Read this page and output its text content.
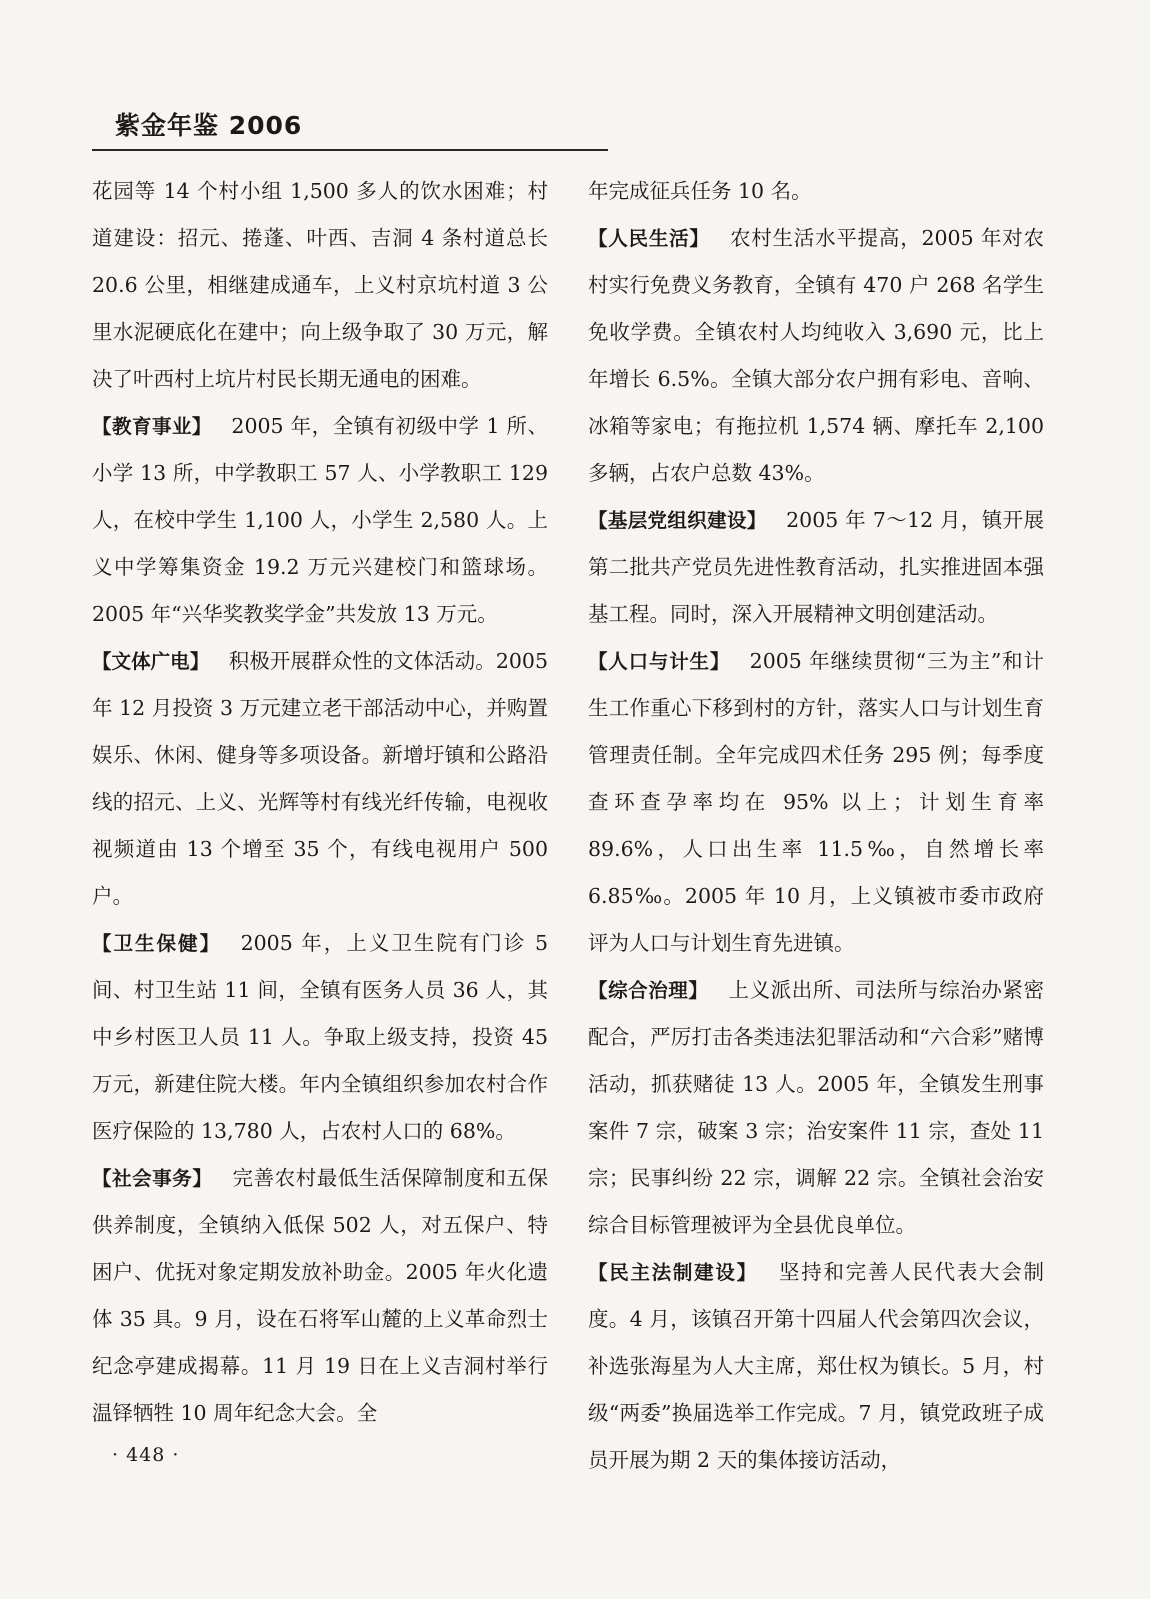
紫金年鉴 2006

花园等 14 个村小组 1,500 多人的饮水困难；村道建设：招元、捲蓬、叶西、吉洞 4 条村道总长 20.6 公里，相继建成通车，上义村京坑村道 3 公里水泥硬底化在建中；向上级争取了 30 万元，解决了叶西村上坑片村民长期无通电的困难。

【教育事业】 2005 年，全镇有初级中学 1 所、小学 13 所，中学教职工 57 人、小学教职工 129 人，在校中学生 1,100 人，小学生 2,580 人。上义中学筹集资金 19.2 万元兴建校门和篮球场。2005 年“兴华奖教奖学金”共发放 13 万元。

【文体广电】 积极开展群众性的文体活动。2005 年 12 月投资 3 万元建立老干部活动中心，并购置娱乐、休闲、健身等多项设备。新增圩镇和公路沿线的招元、上义、光辉等村有线光纤传输，电视收视频道由 13 个增至 35 个，有线电视用户 500 户。

【卫生保健】 2005 年，上义卫生院有门诊 5 间、村卫生站 11 间，全镇有医务人员 36 人，其中乡村医卫人员 11 人。争取上级支持，投资 45 万元，新建住院大楼。年内全镇组织参加农村合作医疗保险的 13,780 人，占农村人口的 68%。

【社会事务】 完善农村最低生活保障制度和五保供养制度，全镇纳入低保 502 人，对五保户、特困户、优抚对象定期发放补助金。2005 年火化遗体 35 具。9 月，设在石将军山麓的上义革命烈士纪念亭建成揭幕。11 月 19 日在上义吉洞村举行温铎牺牲 10 周年纪念大会。全

年完成征兵任务 10 名。

【人民生活】 农村生活水平提高，2005 年对农村实行免费义务教育，全镇有 470 户 268 名学生免收学费。全镇农村人均纯收入 3,690 元，比上年增长 6.5%。全镇大部分农户拥有彩电、音响、冰箱等家电；有拖拉机 1,574 辆、摩托车 2,100 多辆，占农户总数 43%。

【基层党组织建设】 2005 年 7～12 月，镇开展第二批共产党员先进性教育活动，扎实推进固本强基工程。同时，深入开展精神文明创建活动。

【人口与计生】 2005 年继续贯彻“三为主”和计生工作重心下移到村的方针，落实人口与计划生育管理责任制。全年完成四术任务 295 例；每季度查环查孕率均在 95% 以上；计划生育率 89.6%，人口出生率 11.5‰，自然增长率 6.85‰。2005 年 10 月，上义镇被市委市政府评为人口与计划生育先进镇。

【综合治理】 上义派出所、司法所与综治办紧密配合，严厉打击各类违法犯罪活动和“六合彩”赌博活动，抓获赌徒 13 人。2005 年，全镇发生刑事案件 7 宗，破案 3 宗；治安案件 11 宗，查处 11 宗；民事纠纷 22 宗，调解 22 宗。全镇社会治安综合目标管理被评为全县优良单位。

【民主法制建设】 坚持和完善人民代表大会制度。4 月，该镇召开第十四届人代会第四次会议，补选张海星为人大主席，郑仕权为镇长。5 月，村级“两委”换届选举工作完成。7 月，镇党政班子成员开展为期 2 天的集体接访活动，

· 448 ·
